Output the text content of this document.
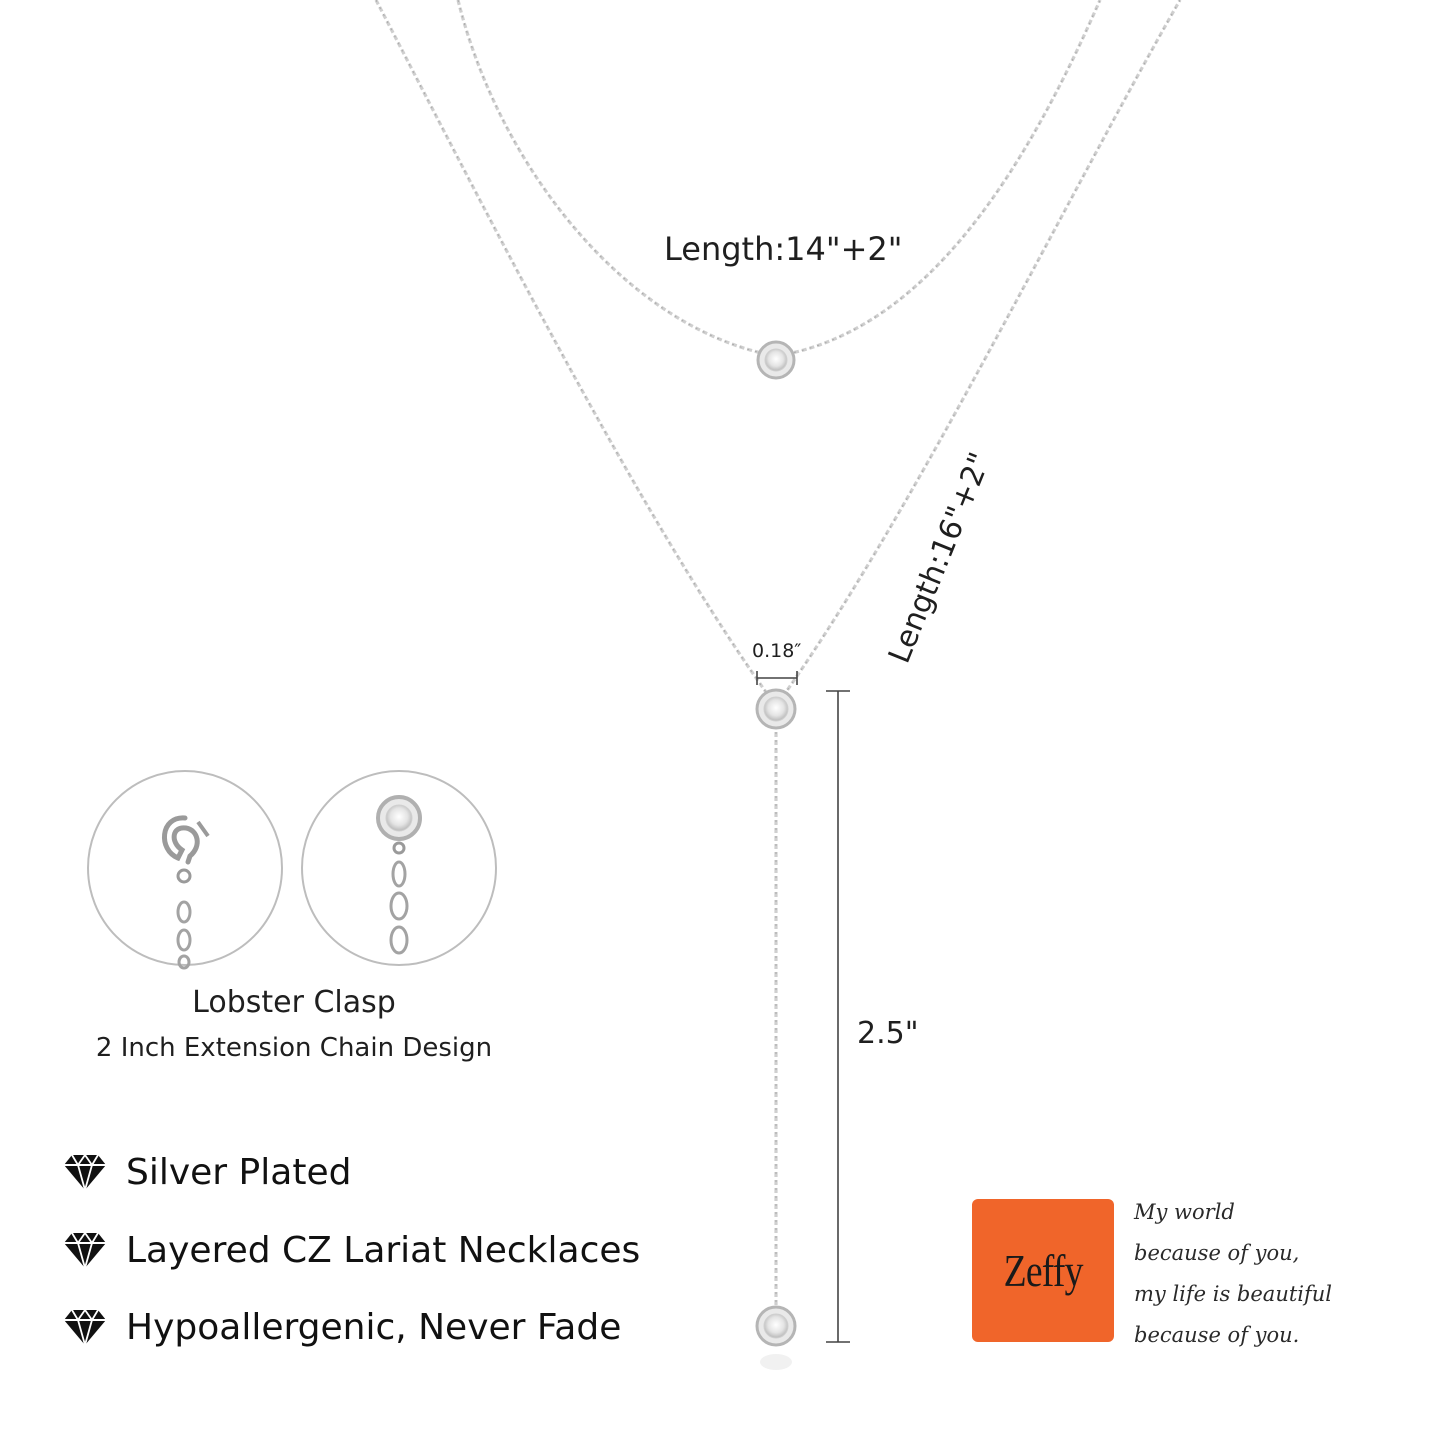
Length:14"+2"
Length:16"+2"
0.18″
2.5"
Lobster Clasp
2 Inch Extension Chain Design
Silver Plated
Layered CZ Lariat Necklaces
Hypoallergenic, Never Fade
Zeffy
My world
because of you,
my life is beautiful
because of you.
